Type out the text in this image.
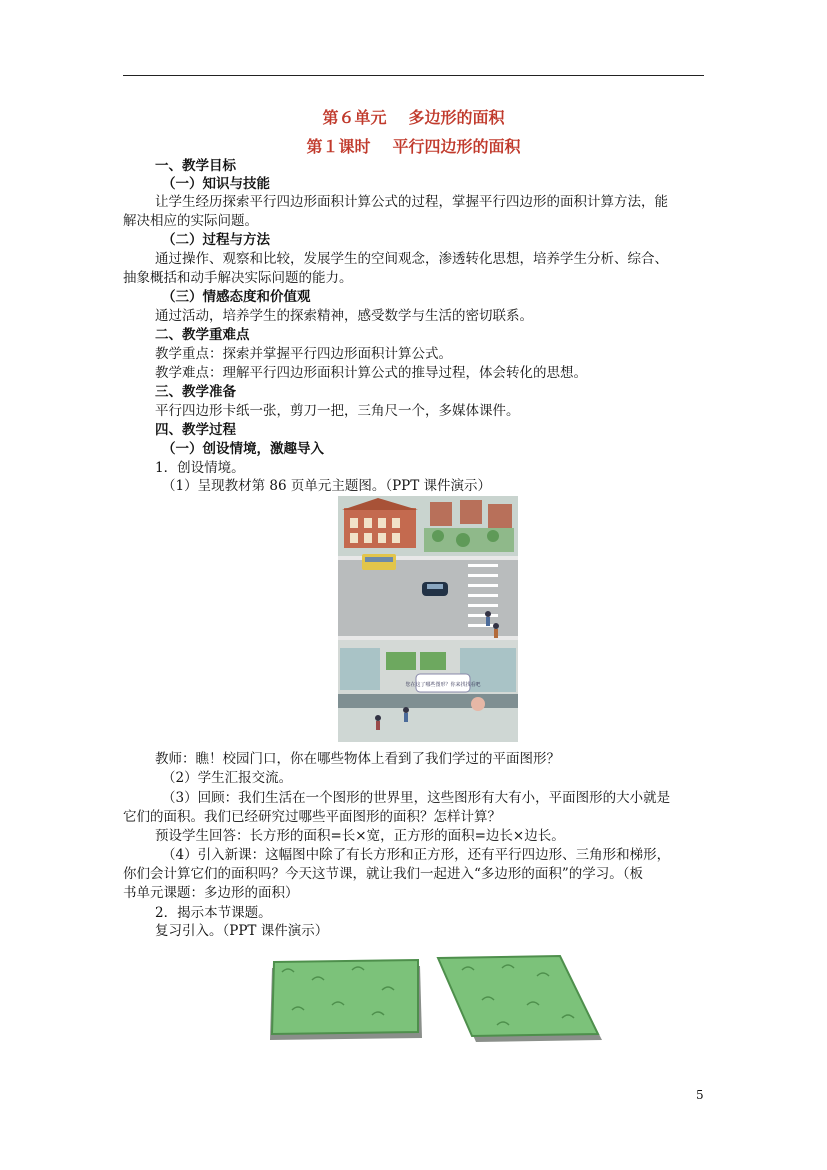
第６单元 多边形的面积
第１课时 平行四边形的面积
一、教学目标
（一）知识与技能
让学生经历探索平行四边形面积计算公式的过程，掌握平行四边形的面积计算方法，能
解决相应的实际问题。
（二）过程与方法
通过操作、观察和比较，发展学生的空间观念，渗透转化思想，培养学生分析、综合、
抽象概括和动手解决实际问题的能力。
（三）情感态度和价值观
通过活动，培养学生的探索精神，感受数学与生活的密切联系。
二、教学重难点
教学重点：探索并掌握平行四边形面积计算公式。
教学难点：理解平行四边形面积计算公式的推导过程，体会转化的思想。
三、教学准备
平行四边形卡纸一张，剪刀一把，三角尺一个，多媒体课件。
四、教学过程
（一）创设情境，激趣导入
1．创设情境。
（1）呈现教材第 86 页单元主题图。（PPT 课件演示）
您在这了哪些图形？你来找找看吧
教师：瞧！校园门口，你在哪些物体上看到了我们学过的平面图形？
（2）学生汇报交流。
（3）回顾：我们生活在一个图形的世界里，这些图形有大有小，平面图形的大小就是
它们的面积。我们已经研究过哪些平面图形的面积？怎样计算？
预设学生回答：长方形的面积=长×宽，正方形的面积=边长×边长。
（4）引入新课：这幅图中除了有长方形和正方形，还有平行四边形、三角形和梯形，
你们会计算它们的面积吗？今天这节课，就让我们一起进入“多边形的面积”的学习。（板
书单元课题：多边形的面积）
2．揭示本节课题。
复习引入。（PPT 课件演示）
5
